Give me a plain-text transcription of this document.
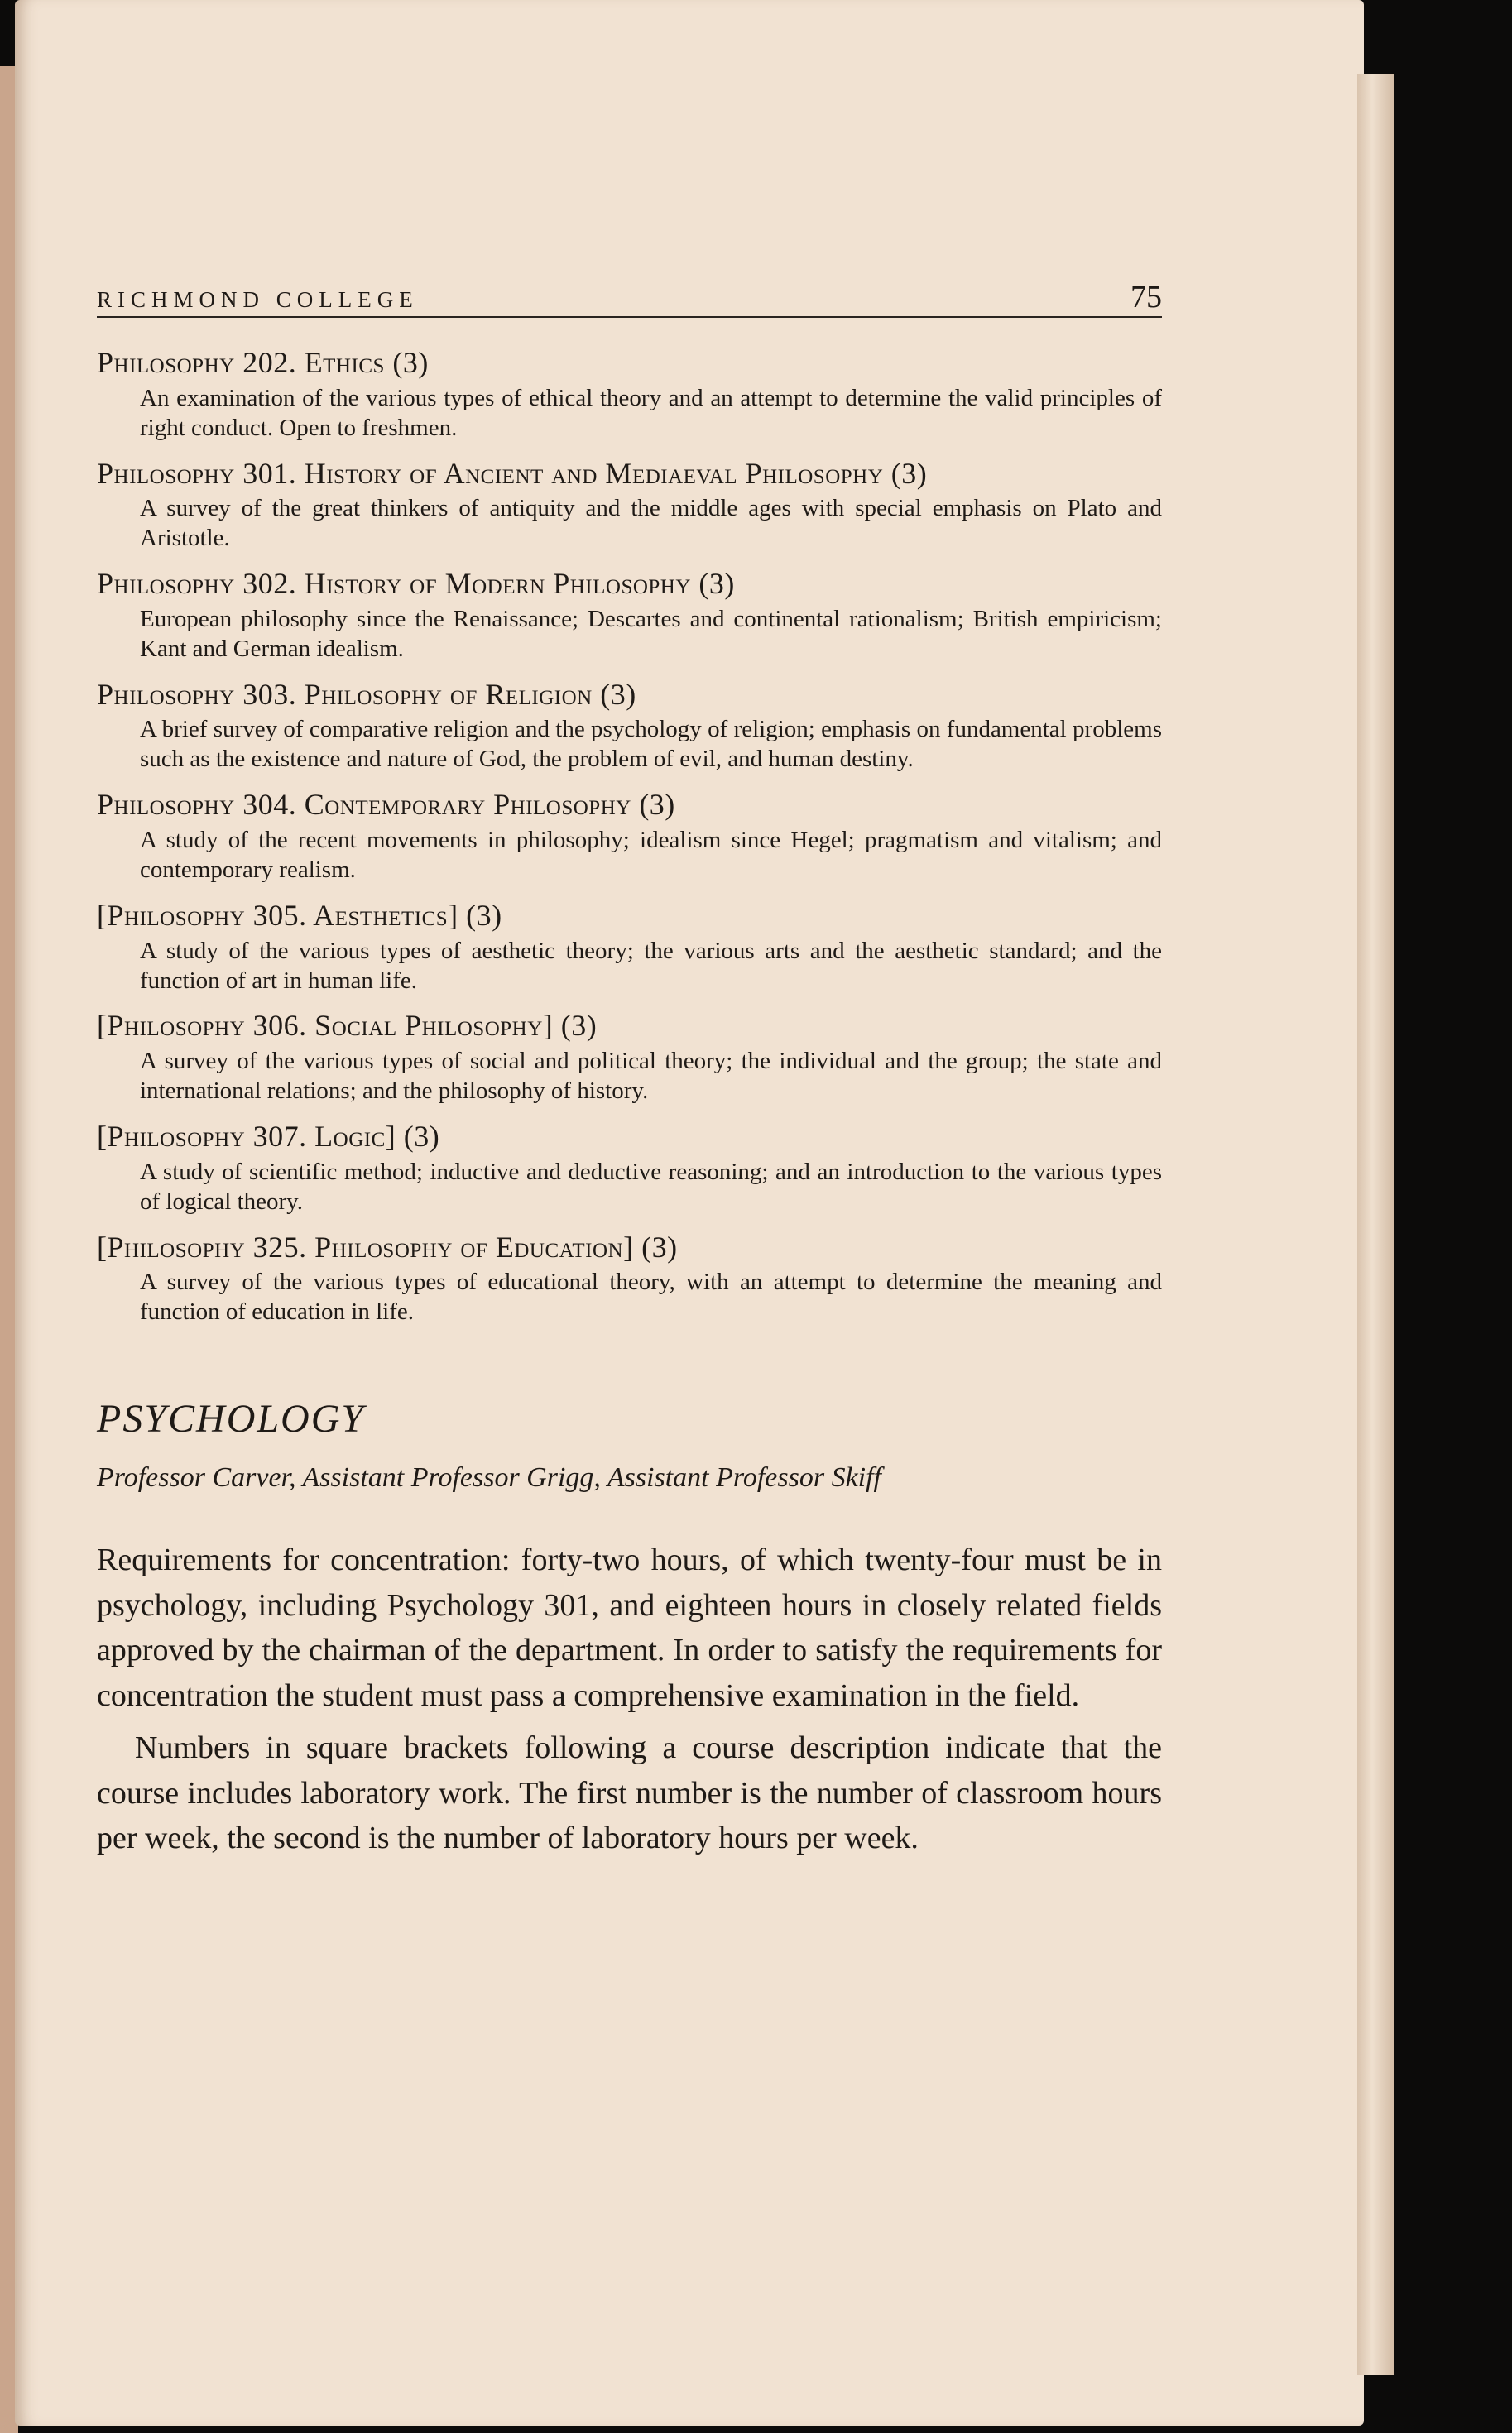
RICHMOND COLLEGE	75
Philosophy 202. Ethics (3)
An examination of the various types of ethical theory and an attempt to determine the valid principles of right conduct. Open to freshmen.
Philosophy 301. History of Ancient and Mediaeval Philosophy (3)
A survey of the great thinkers of antiquity and the middle ages with special emphasis on Plato and Aristotle.
Philosophy 302. History of Modern Philosophy (3)
European philosophy since the Renaissance; Descartes and continental rationalism; British empiricism; Kant and German idealism.
Philosophy 303. Philosophy of Religion (3)
A brief survey of comparative religion and the psychology of religion; emphasis on fundamental problems such as the existence and nature of God, the problem of evil, and human destiny.
Philosophy 304. Contemporary Philosophy (3)
A study of the recent movements in philosophy; idealism since Hegel; pragmatism and vitalism; and contemporary realism.
[Philosophy 305. Aesthetics] (3)
A study of the various types of aesthetic theory; the various arts and the aesthetic standard; and the function of art in human life.
[Philosophy 306. Social Philosophy] (3)
A survey of the various types of social and political theory; the individual and the group; the state and international relations; and the philosophy of history.
[Philosophy 307. Logic] (3)
A study of scientific method; inductive and deductive reasoning; and an introduction to the various types of logical theory.
[Philosophy 325. Philosophy of Education] (3)
A survey of the various types of educational theory, with an attempt to determine the meaning and function of education in life.
PSYCHOLOGY
Professor Carver, Assistant Professor Grigg, Assistant Professor Skiff

Requirements for concentration: forty-two hours, of which twenty-four must be in psychology, including Psychology 301, and eighteen hours in closely related fields approved by the chairman of the department. In order to satisfy the requirements for concentration the student must pass a comprehensive examination in the field.

Numbers in square brackets following a course description indicate that the course includes laboratory work. The first number is the number of classroom hours per week, the second is the number of laboratory hours per week.
